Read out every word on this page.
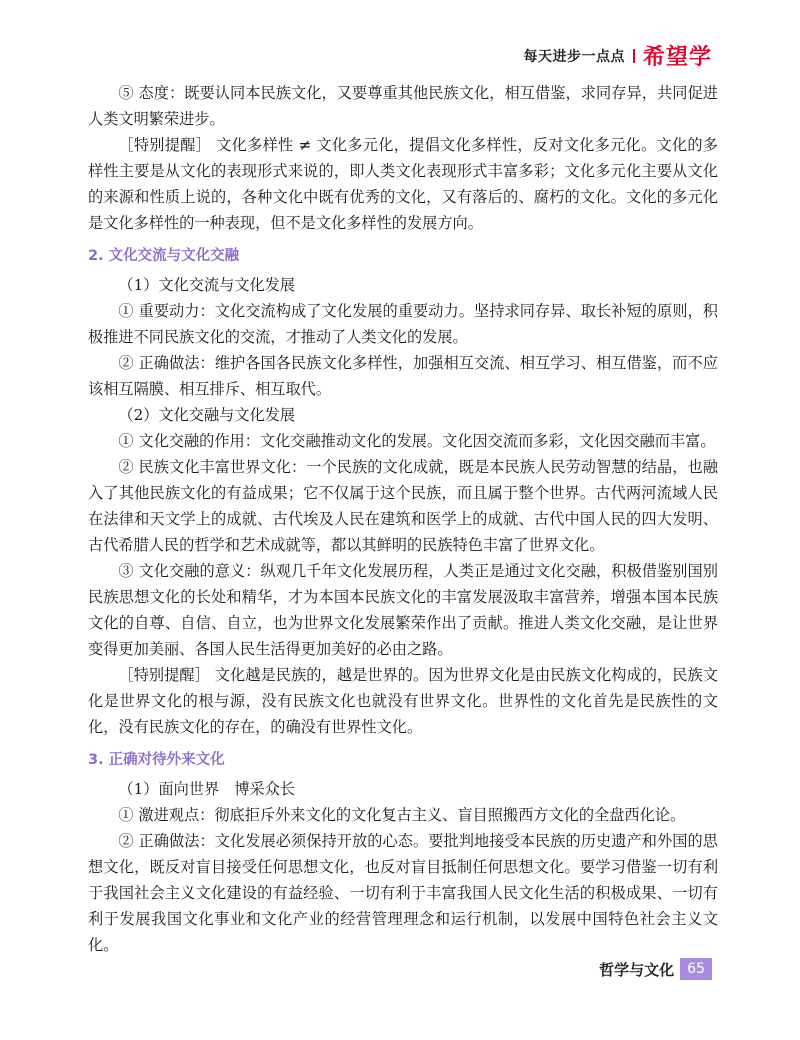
每天进步一点点 希望学

⑤ 态度：既要认同本民族文化，又要尊重其他民族文化，相互借鉴，求同存异，共同促进人类文明繁荣进步。

［特别提醒］ 文化多样性 ≠ 文化多元化，提倡文化多样性，反对文化多元化。文化的多样性主要是从文化的表现形式来说的，即人类文化表现形式丰富多彩；文化多元化主要从文化的来源和性质上说的，各种文化中既有优秀的文化，又有落后的、腐朽的文化。文化的多元化是文化多样性的一种表现，但不是文化多样性的发展方向。

2. 文化交流与文化交融

（1）文化交流与文化发展

① 重要动力：文化交流构成了文化发展的重要动力。坚持求同存异、取长补短的原则，积极推进不同民族文化的交流，才推动了人类文化的发展。

② 正确做法：维护各国各民族文化多样性，加强相互交流、相互学习、相互借鉴，而不应该相互隔膜、相互排斥、相互取代。

（2）文化交融与文化发展

① 文化交融的作用：文化交融推动文化的发展。文化因交流而多彩，文化因交融而丰富。

② 民族文化丰富世界文化：一个民族的文化成就，既是本民族人民劳动智慧的结晶，也融入了其他民族文化的有益成果；它不仅属于这个民族，而且属于整个世界。古代两河流域人民在法律和天文学上的成就、古代埃及人民在建筑和医学上的成就、古代中国人民的四大发明、古代希腊人民的哲学和艺术成就等，都以其鲜明的民族特色丰富了世界文化。

③ 文化交融的意义：纵观几千年文化发展历程，人类正是通过文化交融，积极借鉴别国别民族思想文化的长处和精华，才为本国本民族文化的丰富发展汲取丰富营养，增强本国本民族文化的自尊、自信、自立，也为世界文化发展繁荣作出了贡献。推进人类文化交融，是让世界变得更加美丽、各国人民生活得更加美好的必由之路。

［特别提醒］ 文化越是民族的，越是世界的。因为世界文化是由民族文化构成的，民族文化是世界文化的根与源，没有民族文化也就没有世界文化。世界性的文化首先是民族性的文化，没有民族文化的存在，的确没有世界性文化。

3. 正确对待外来文化

（1）面向世界　博采众长

① 激进观点：彻底拒斥外来文化的文化复古主义、盲目照搬西方文化的全盘西化论。

② 正确做法：文化发展必须保持开放的心态。要批判地接受本民族的历史遗产和外国的思想文化，既反对盲目接受任何思想文化，也反对盲目抵制任何思想文化。要学习借鉴一切有利于我国社会主义文化建设的有益经验、一切有利于丰富我国人民文化生活的积极成果、一切有利于发展我国文化事业和文化产业的经营管理理念和运行机制，以发展中国特色社会主义文化。

哲学与文化 65
